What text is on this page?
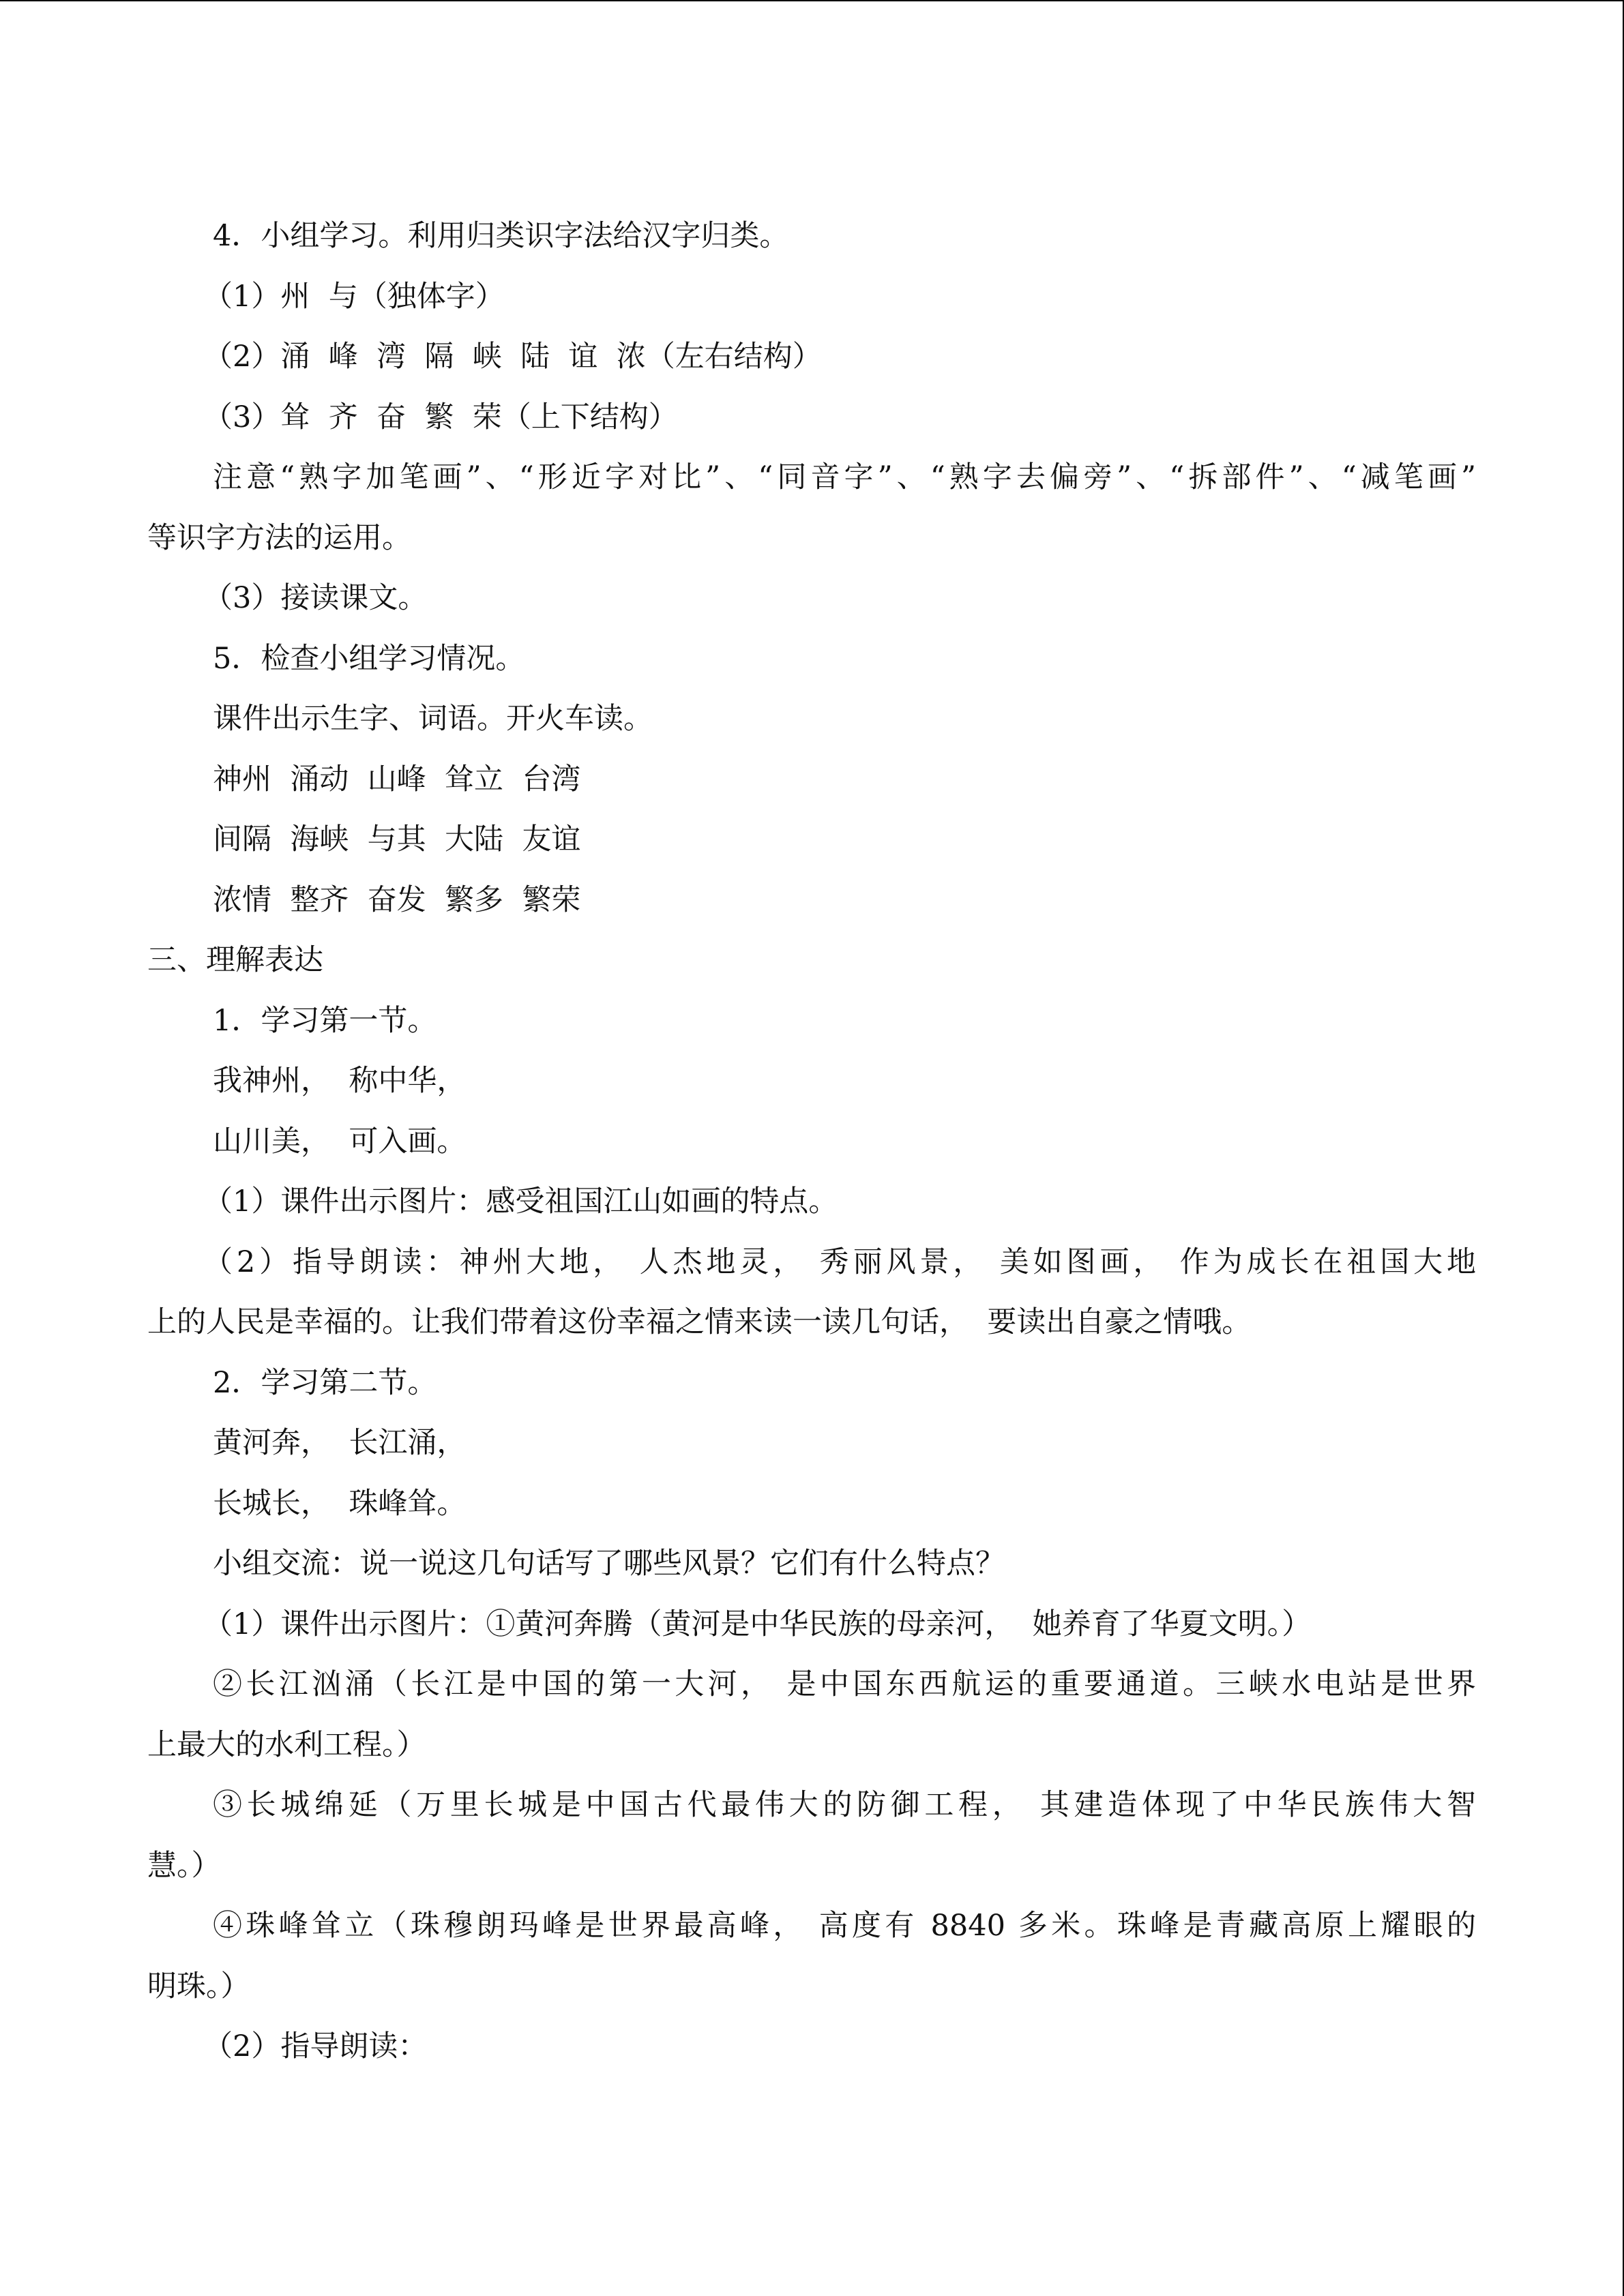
4．小组学习。利用归类识字法给汉字归类。
（1）州  与（独体字）
（2）涌  峰  湾  隔  峡  陆  谊  浓（左右结构）
（3）耸  齐  奋  繁  荣（上下结构）
注意“熟字加笔画”、“形近字对比”、“同音字”、“熟字去偏旁”、“拆部件”、“减笔画”
等识字方法的运用。
（3）接读课文。
5．检查小组学习情况。
课件出示生字、词语。开火车读。
神州  涌动  山峰  耸立  台湾
间隔  海峡  与其  大陆  友谊
浓情  整齐  奋发  繁多  繁荣
三、理解表达
1．学习第一节。
我神州，  称中华，
山川美，  可入画。
（1）课件出示图片：感受祖国江山如画的特点。
（2）指导朗读：神州大地， 人杰地灵， 秀丽风景， 美如图画， 作为成长在祖国大地
上的人民是幸福的。让我们带着这份幸福之情来读一读几句话，  要读出自豪之情哦。
2．学习第二节。
黄河奔，  长江涌，
长城长，  珠峰耸。
小组交流：说一说这几句话写了哪些风景？它们有什么特点？
（1）课件出示图片：①黄河奔腾（黄河是中华民族的母亲河，  她养育了华夏文明。）
②长江汹涌（长江是中国的第一大河， 是中国东西航运的重要通道。三峡水电站是世界
上最大的水利工程。）
③长城绵延（万里长城是中国古代最伟大的防御工程， 其建造体现了中华民族伟大智
慧。）
④珠峰耸立（珠穆朗玛峰是世界最高峰， 高度有 8840 多米。珠峰是青藏高原上耀眼的
明珠。）
（2）指导朗读：
